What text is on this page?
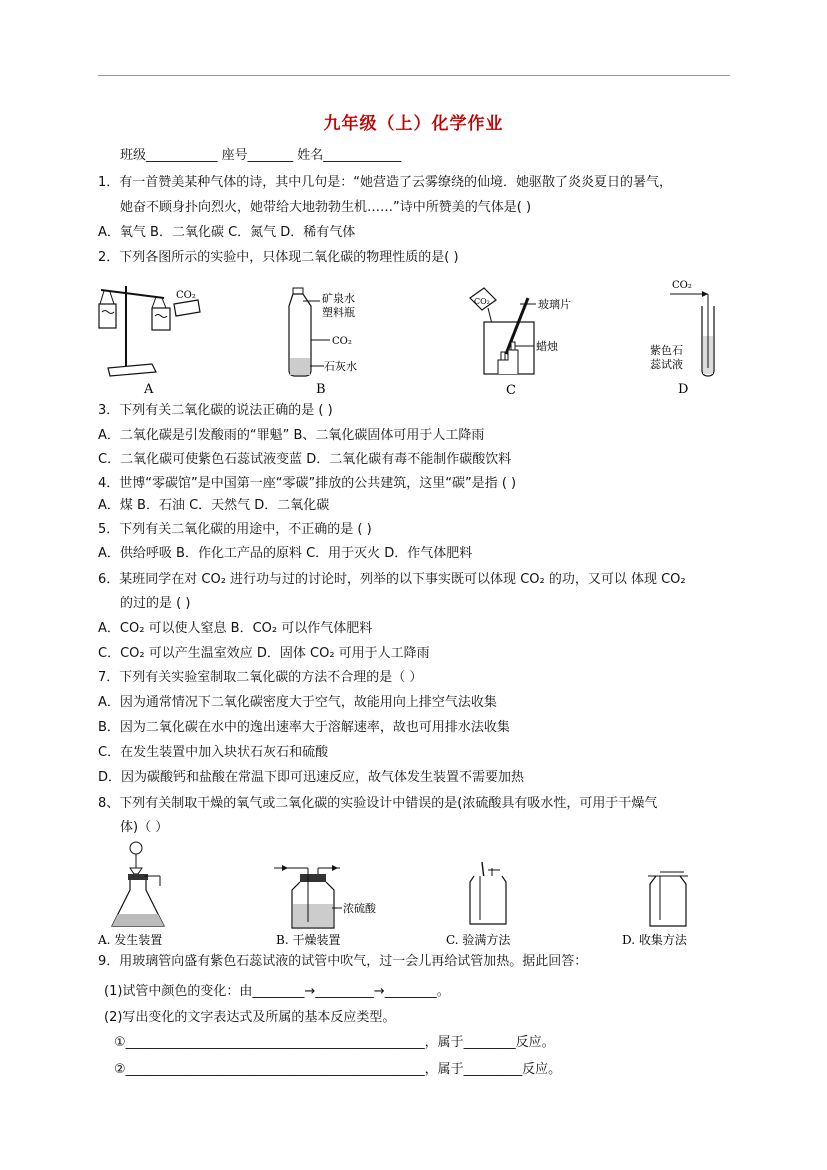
九年级（上）化学作业
班级___________ 座号_______ 姓名____________
1．有一首赞美某种气体的诗，其中几句是：“她营造了云雾缭绕的仙境．她驱散了炎炎夏日的暑气，
她奋不顾身扑向烈火，她带给大地勃勃生机……”诗中所赞美的气体是( )
A．氧气 B．二氧化碳 C．氮气 D．稀有气体
2．下列各图所示的实验中，只体现二氧化碳的物理性质的是( )
CO₂
A
矿泉水
塑料瓶
CO₂
石灰水
B
CO₂	玻璃片
蜡烛
C
CO₂
紫色石
蕊试液
D
3．下列有关二氧化碳的说法正确的是 ( )
A．二氧化碳是引发酸雨的“罪魁” B、二氧化碳固体可用于人工降雨
C．二氧化碳可使紫色石蕊试液变蓝 D．二氧化碳有毒不能制作碳酸饮料
4．世博“零碳馆”是中国第一座“零碳”排放的公共建筑，这里“碳”是指 ( )
A．煤 B．石油 C．天然气 D．二氧化碳
5．下列有关二氧化碳的用途中，不正确的是 ( )
A．供给呼吸 B．作化工产品的原料 C．用于灭火 D．作气体肥料
6．某班同学在对 CO₂ 进行功与过的讨论时，列举的以下事实既可以体现 CO₂ 的功，又可以 体现 CO₂
的过的是 ( )
A．CO₂ 可以使人窒息 B．CO₂ 可以作气体肥料
C．CO₂ 可以产生温室效应 D．固体 CO₂ 可用于人工降雨
7．下列有关实验室制取二氧化碳的方法不合理的是（ ）
A．因为通常情况下二氧化碳密度大于空气，故能用向上排空气法收集
B．因为二氧化碳在水中的逸出速率大于溶解速率，故也可用排水法收集
C．在发生装置中加入块状石灰石和硫酸
D．因为碳酸钙和盐酸在常温下即可迅速反应，故气体发生装置不需要加热
8、下列有关制取干燥的氧气或二氧化碳的实验设计中错误的是(浓硫酸具有吸水性，可用于干燥气
体)（ ）
A. 发生装置
浓硫酸
B. 干燥装置	C. 验满方法	D. 收集方法
9．用玻璃管向盛有紫色石蕊试液的试管中吹气，过一会儿再给试管加热。据此回答：
(1)试管中颜色的变化：由________→_________→________。
(2)写出变化的文字表达式及所属的基本反应类型。
①______________________________________________，属于________反应。
②______________________________________________，属于_________反应。
